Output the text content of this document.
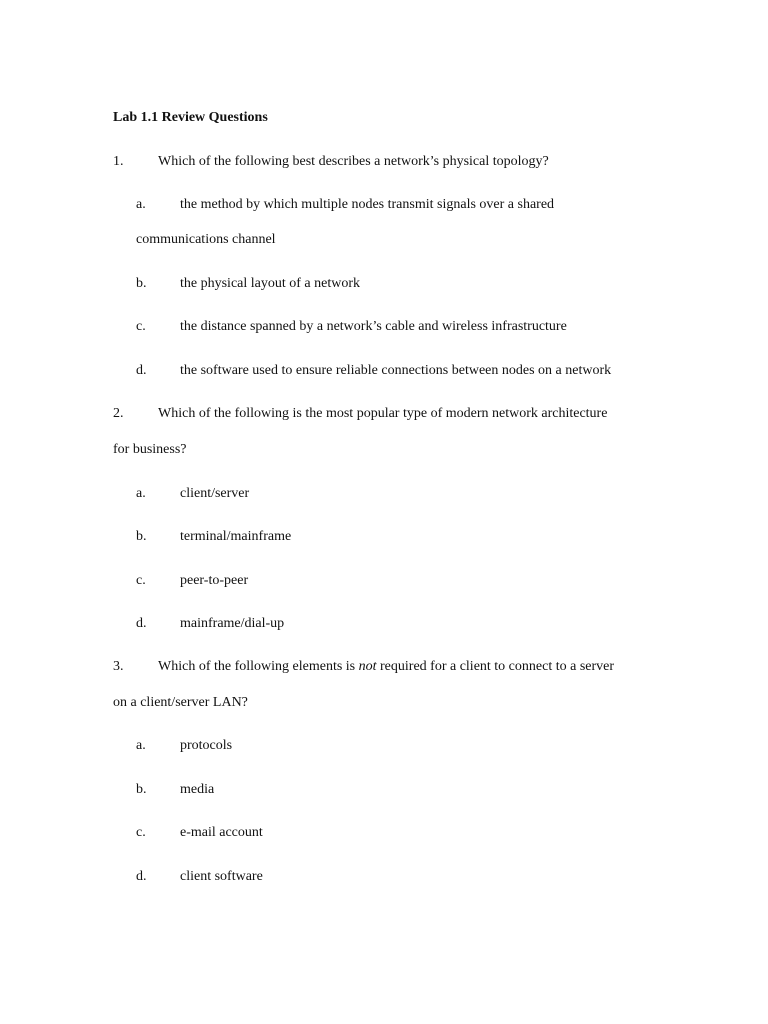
Lab 1.1 Review Questions
1. Which of the following best describes a network’s physical topology?
a. the method by which multiple nodes transmit signals over a shared
communications channel
b. the physical layout of a network
c. the distance spanned by a network’s cable and wireless infrastructure
d. the software used to ensure reliable connections between nodes on a network
2. Which of the following is the most popular type of modern network architecture
for business?
a. client/server
b. terminal/mainframe
c. peer-to-peer
d. mainframe/dial-up
3. Which of the following elements is not required for a client to connect to a server
on a client/server LAN?
a. protocols
b. media
c. e-mail account
d. client software
